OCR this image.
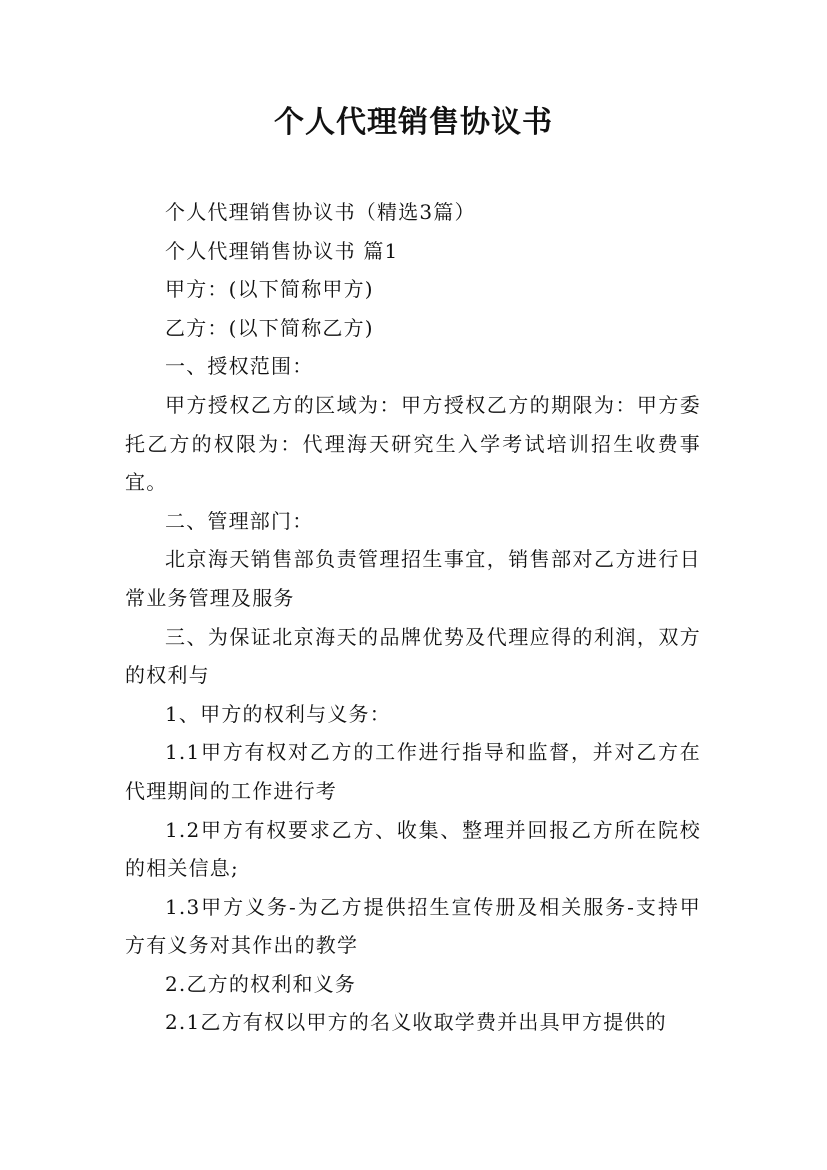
个人代理销售协议书

个人代理销售协议书（精选3篇）

个人代理销售协议书 篇1

甲方：(以下简称甲方)

乙方：(以下简称乙方)

一、授权范围：

甲方授权乙方的区域为：甲方授权乙方的期限为：甲方委托乙方的权限为：代理海天研究生入学考试培训招生收费事宜。

二、管理部门：

北京海天销售部负责管理招生事宜，销售部对乙方进行日常业务管理及服务

三、为保证北京海天的品牌优势及代理应得的利润，双方的权利与

1、甲方的权利与义务：

1.1甲方有权对乙方的工作进行指导和监督，并对乙方在代理期间的工作进行考

1.2甲方有权要求乙方、收集、整理并回报乙方所在院校的相关信息;

1.3甲方义务-为乙方提供招生宣传册及相关服务-支持甲方有义务对其作出的教学

2.乙方的权利和义务

2.1乙方有权以甲方的名义收取学费并出具甲方提供的
